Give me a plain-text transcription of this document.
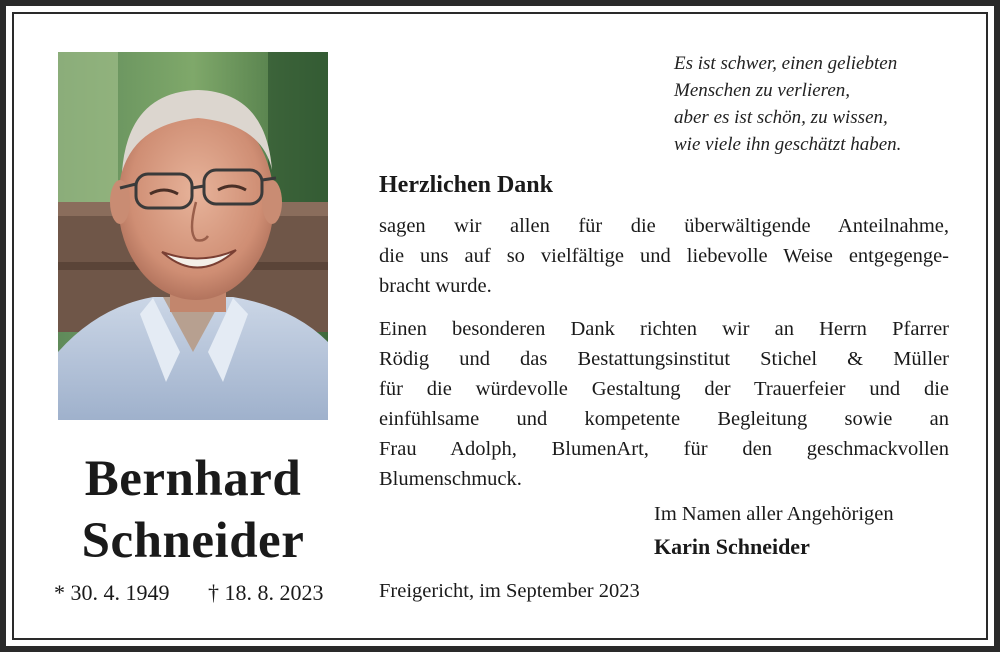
Bernhard
Schneider
* 30. 4. 1949 † 18. 8. 2023
Es ist schwer, einen geliebten
Menschen zu verlieren,
aber es ist schön, zu wissen,
wie viele ihn geschätzt haben.
Herzlichen Dank
sagen wir allen für die überwältigende Anteilnahme,
die uns auf so vielfältige und liebevolle Weise entgegenge-
bracht wurde.
Einen besonderen Dank richten wir an Herrn Pfarrer
Rödig und das Bestattungsinstitut Stichel & Müller
für die würdevolle Gestaltung der Trauerfeier und die
einfühlsame und kompetente Begleitung sowie an
Frau Adolph, BlumenArt, für den geschmackvollen
Blumenschmuck.
Im Namen aller Angehörigen
Karin Schneider
Freigericht, im September 2023
